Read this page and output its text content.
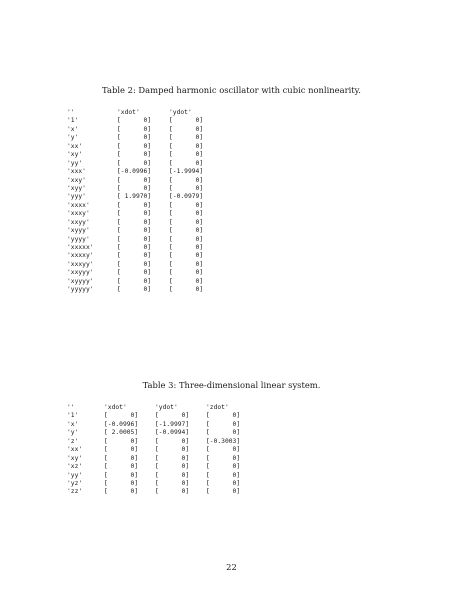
Table 2: Damped harmonic oscillator with cubic nonlinearity.
''	'xdot'	'ydot'
'1'	[      0]	[      0]
'x'	[      0]	[      0]
'y'	[      0]	[      0]
'xx'	[      0]	[      0]
'xy'	[      0]	[      0]
'yy'	[      0]	[      0]
'xxx'	[-0.0996]	[-1.9994]
'xxy'	[      0]	[      0]
'xyy'	[      0]	[      0]
'yyy'	[ 1.9970]	[-0.0979]
'xxxx'	[      0]	[      0]
'xxxy'	[      0]	[      0]
'xxyy'	[      0]	[      0]
'xyyy'	[      0]	[      0]
'yyyy'	[      0]	[      0]
'xxxxx'	[      0]	[      0]
'xxxxy'	[      0]	[      0]
'xxxyy'	[      0]	[      0]
'xxyyy'	[      0]	[      0]
'xyyyy'	[      0]	[      0]
'yyyyy'	[      0]	[      0]
Table 3: Three-dimensional linear system.
''	'xdot'	'ydot'	'zdot'
'1'	[      0]	[      0]	[      0]
'x'	[-0.0996]	[-1.9997]	[      0]
'y'	[ 2.0005]	[-0.0994]	[      0]
'z'	[      0]	[      0]	[-0.3003]
'xx'	[      0]	[      0]	[      0]
'xy'	[      0]	[      0]	[      0]
'xz'	[      0]	[      0]	[      0]
'yy'	[      0]	[      0]	[      0]
'yz'	[      0]	[      0]	[      0]
'zz'	[      0]	[      0]	[      0]
22
